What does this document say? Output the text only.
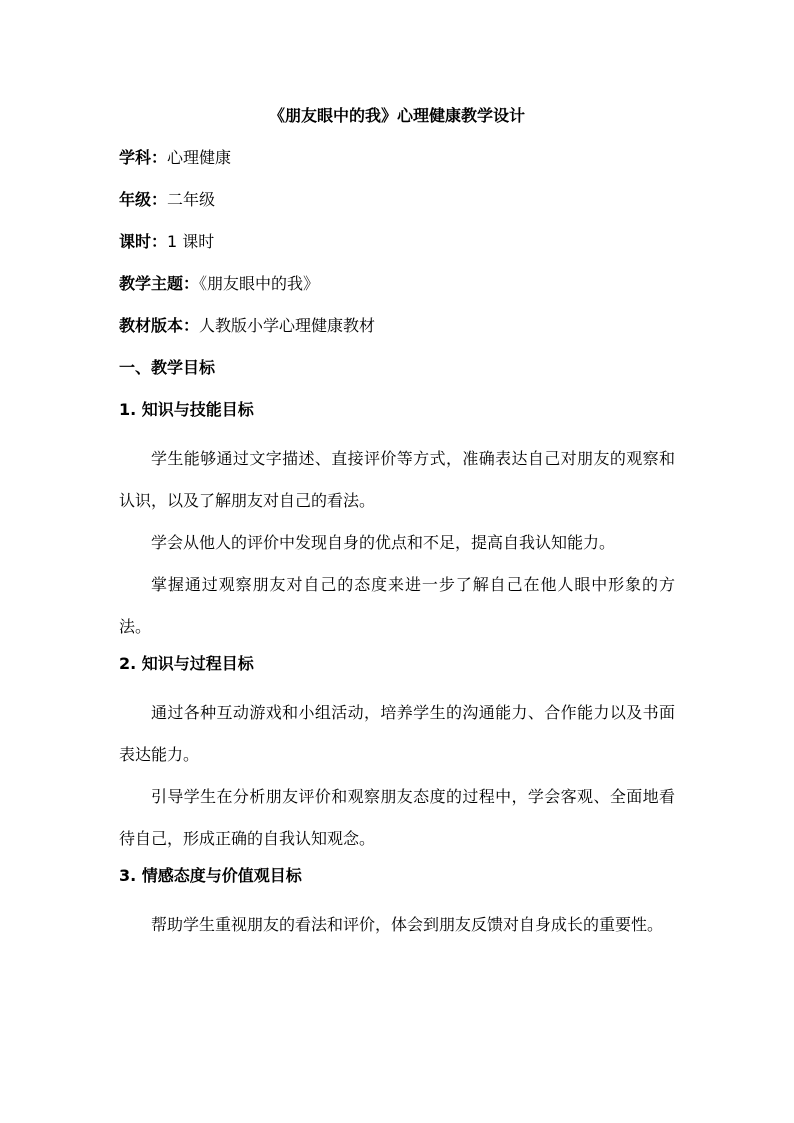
《朋友眼中的我》心理健康教学设计
学科：心理健康
年级：二年级
课时：1 课时
教学主题：《朋友眼中的我》
教材版本：人教版小学心理健康教材
一、教学目标
1. 知识与技能目标

学生能够通过文字描述、直接评价等方式，准确表达自己对朋友的观察和认识，以及了解朋友对自己的看法。

学会从他人的评价中发现自身的优点和不足，提高自我认知能力。

掌握通过观察朋友对自己的态度来进一步了解自己在他人眼中形象的方法。

2. 知识与过程目标

通过各种互动游戏和小组活动，培养学生的沟通能力、合作能力以及书面表达能力。

引导学生在分析朋友评价和观察朋友态度的过程中，学会客观、全面地看待自己，形成正确的自我认知观念。

3. 情感态度与价值观目标

帮助学生重视朋友的看法和评价，体会到朋友反馈对自身成长的重要性。
